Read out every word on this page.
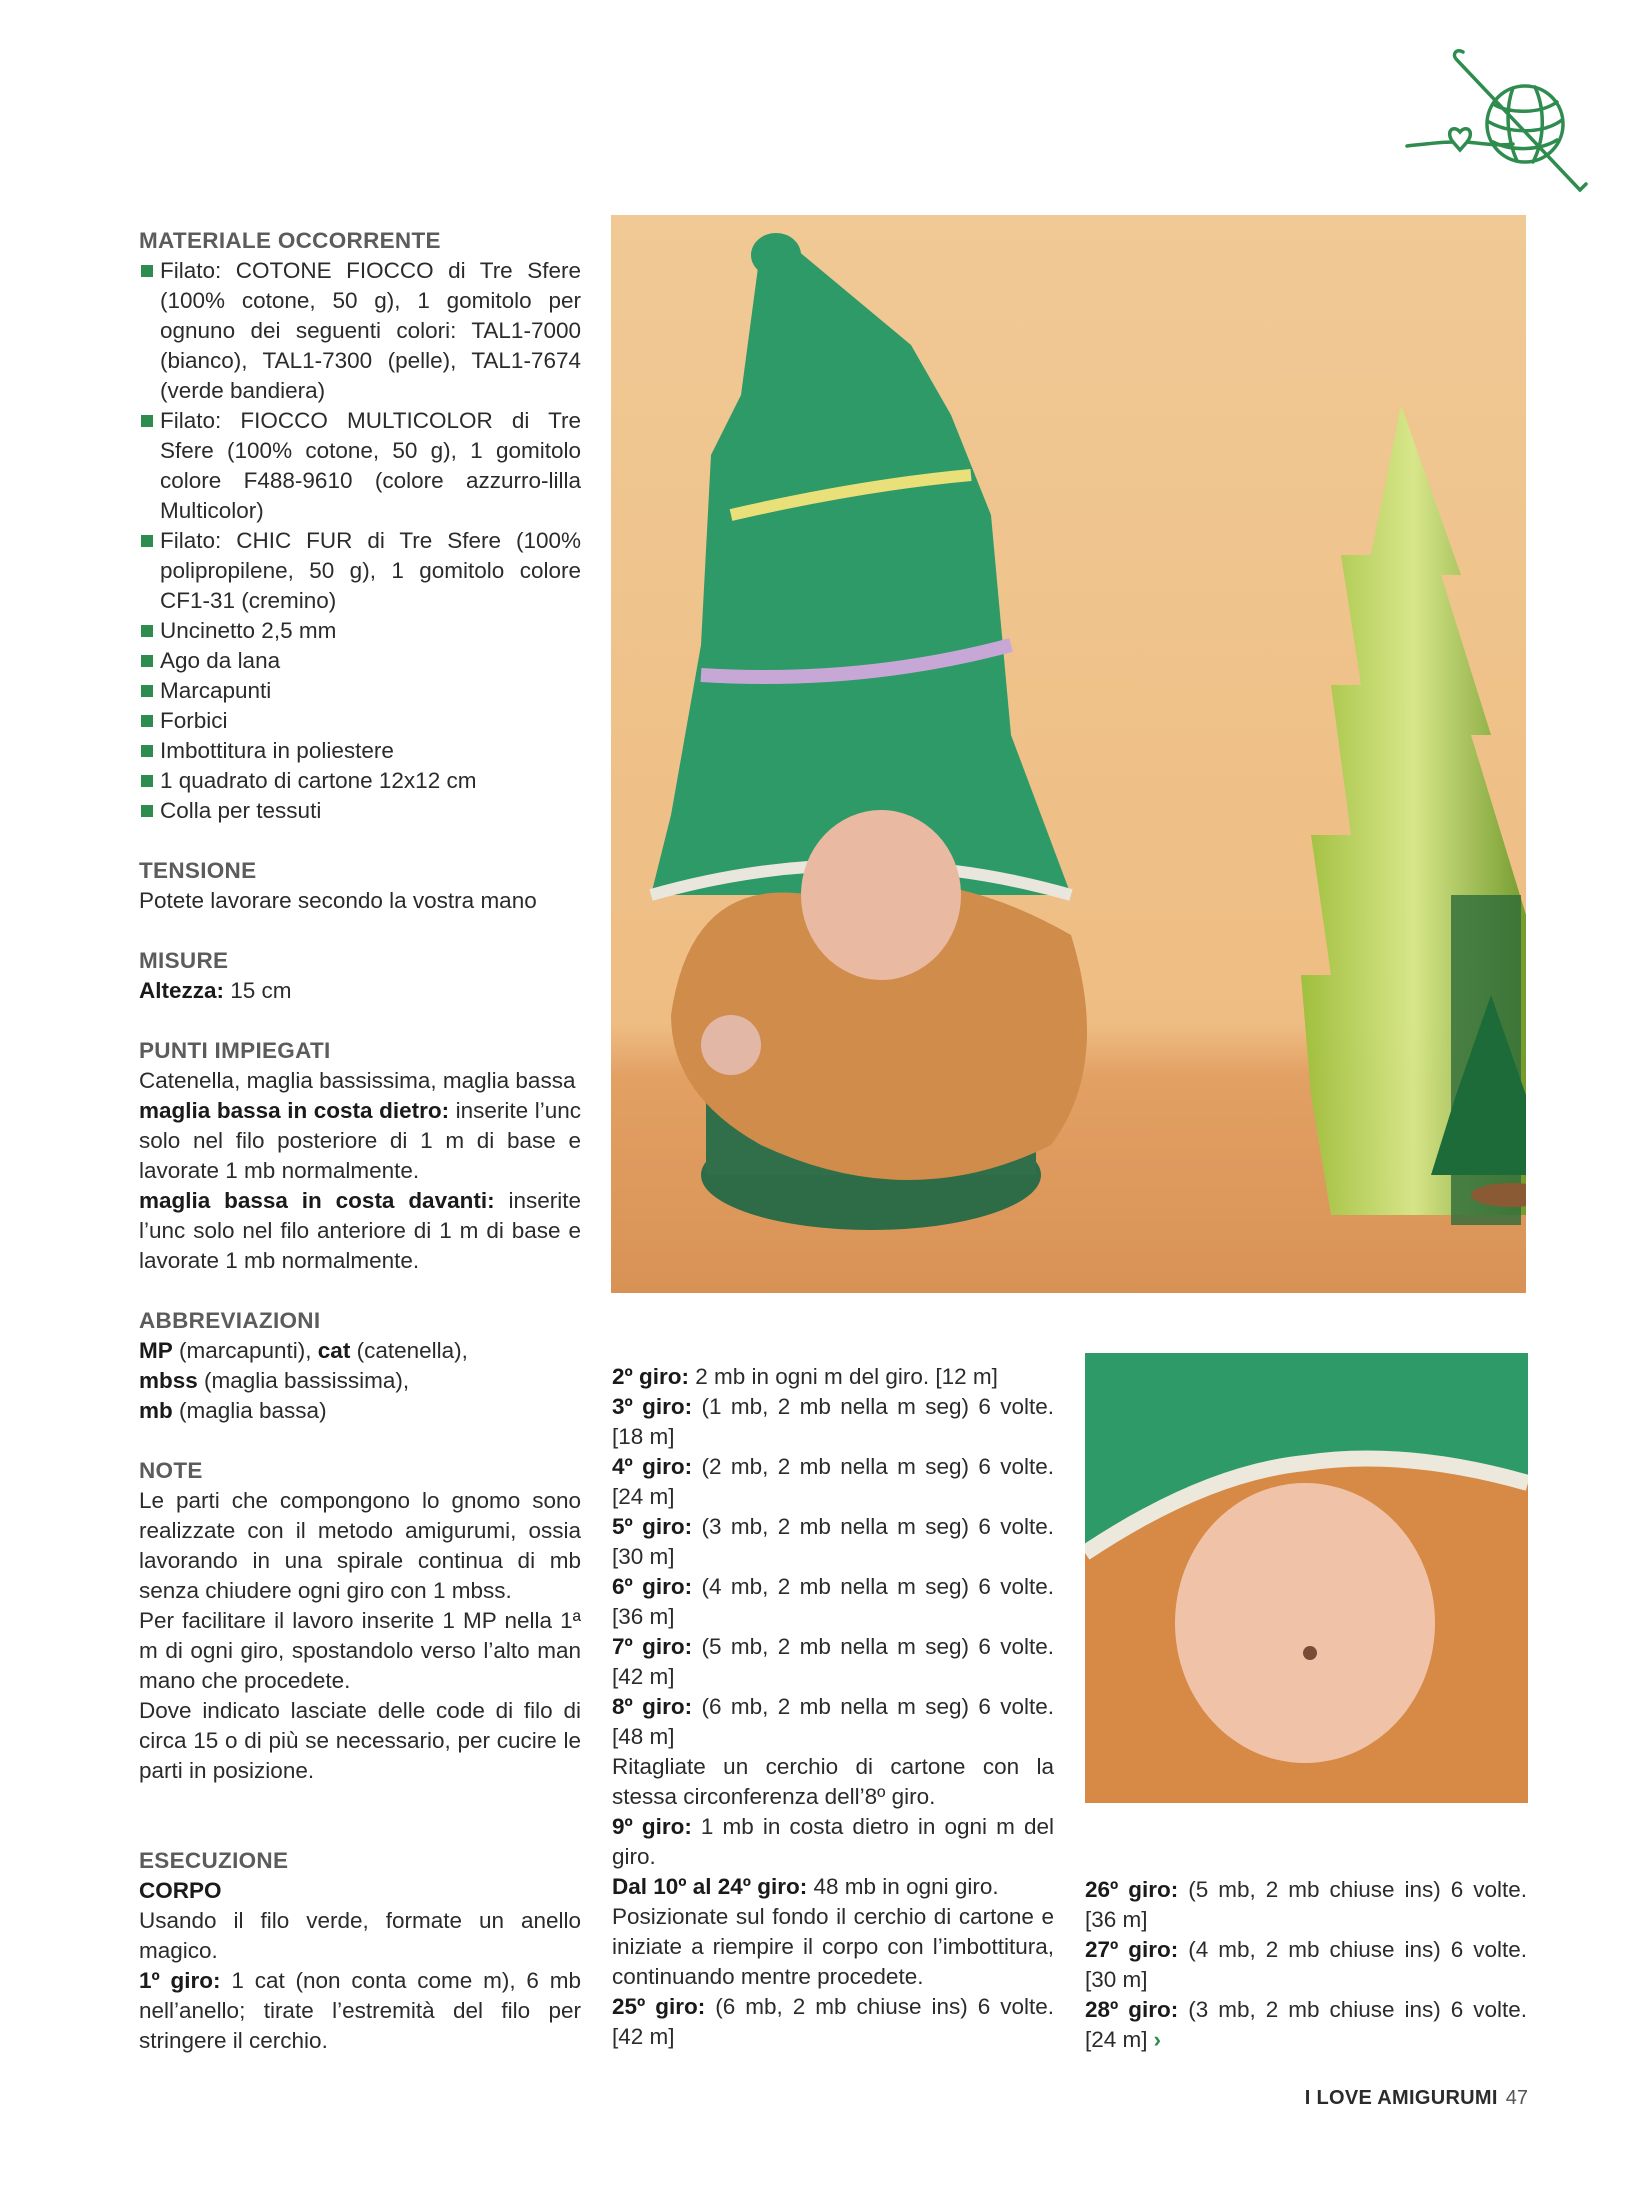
MATERIALE OCCORRENTE

Filato: COTONE FIOCCO di Tre Sfere (100% cotone, 50 g), 1 gomitolo per ognuno dei seguenti colori: TAL1-7000 (bianco), TAL1-7300 (pelle), TAL1-7674 (verde bandiera)
Filato: FIOCCO MULTICOLOR di Tre Sfere (100% cotone, 50 g), 1 gomitolo colore F488-9610 (colore azzurro-lilla Multicolor)
Filato: CHIC FUR di Tre Sfere (100% polipropilene, 50 g), 1 gomitolo colore CF1-31 (cremino)
Uncinetto 2,5 mm
Ago da lana
Marcapunti
Forbici
Imbottitura in poliestere
1 quadrato di cartone 12x12 cm
Colla per tessuti

TENSIONE

Potete lavorare secondo la vostra mano

MISURE

Altezza: 15 cm

PUNTI IMPIEGATI

Catenella, maglia bassissima, maglia bassa

maglia bassa in costa dietro: inserite l’unc solo nel filo posteriore di 1 m di base e lavorate 1 mb normalmente.

maglia bassa in costa davanti: inserite l’unc solo nel filo anteriore di 1 m di base e lavorate 1 mb normalmente.

ABBREVIAZIONI

MP (marcapunti), cat (catenella),

mbss (maglia bassissima),

mb (maglia bassa)

NOTE

Le parti che compongono lo gnomo sono realizzate con il metodo amigurumi, ossia lavorando in una spirale continua di mb senza chiudere ogni giro con 1 mbss.

Per facilitare il lavoro inserite 1 MP nella 1ª m di ogni giro, spostandolo verso l’alto man mano che procedete.

Dove indicato lasciate delle code di filo di circa 15 o di più se necessario, per cucire le parti in posizione.

ESECUZIONE

CORPO

Usando il filo verde, formate un anello magico.

1º giro: 1 cat (non conta come m), 6 mb nell’anello; tirate l’estremità del filo per stringere il cerchio.

2º giro: 2 mb in ogni m del giro. [12 m]

3º giro: (1 mb, 2 mb nella m seg) 6 volte. [18 m]

4º giro: (2 mb, 2 mb nella m seg) 6 volte. [24 m]

5º giro: (3 mb, 2 mb nella m seg) 6 volte. [30 m]

6º giro: (4 mb, 2 mb nella m seg) 6 volte. [36 m]

7º giro: (5 mb, 2 mb nella m seg) 6 volte. [42 m]

8º giro: (6 mb, 2 mb nella m seg) 6 volte. [48 m]

Ritagliate un cerchio di cartone con la stessa circonferenza dell’8º giro.

9º giro: 1 mb in costa dietro in ogni m del giro.

Dal 10º al 24º giro: 48 mb in ogni giro.

Posizionate sul fondo il cerchio di cartone e iniziate a riempire il corpo con l’imbottitura, continuando mentre procedete.

25º giro: (6 mb, 2 mb chiuse ins) 6 volte. [42 m]

26º giro: (5 mb, 2 mb chiuse ins) 6 volte. [36 m]

27º giro: (4 mb, 2 mb chiuse ins) 6 volte. [30 m]

28º giro: (3 mb, 2 mb chiuse ins) 6 volte. [24 m] ›

I LOVE AMIGURUMI 47
